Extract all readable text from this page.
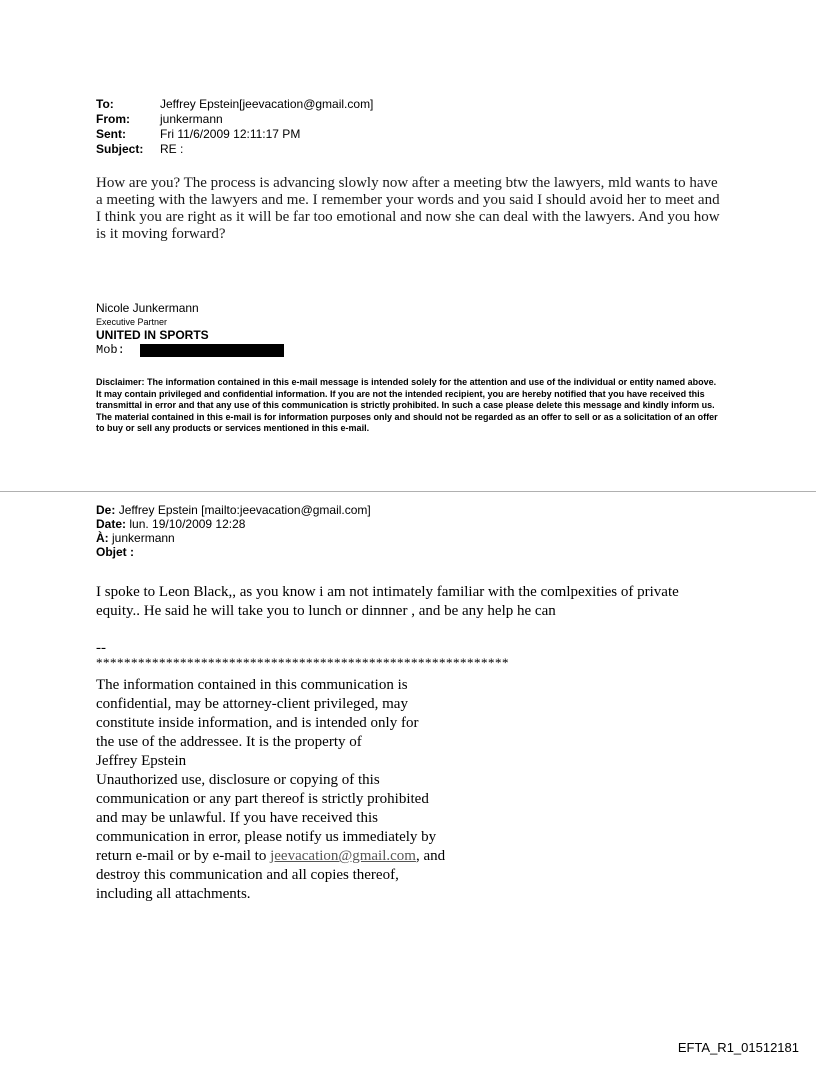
To:	Jeffrey Epstein[jeevacation@gmail.com]
From:	junkermann
Sent:	Fri 11/6/2009 12:11:17 PM
Subject:	RE :
How are you? The process is advancing slowly now after a meeting btw the lawyers, mld wants to have a meeting with the lawyers and me. I remember your words and you said I should avoid her to meet and I think you are right as it will be far too emotional and now she can deal with the lawyers. And you how is it moving forward?
Nicole Junkermann
Executive Partner
UNITED IN SPORTS
Mob:
Disclaimer: The information contained in this e-mail message is intended solely for the attention and use of the individual or entity named above. It may contain privileged and confidential information. If you are not the intended recipient, you are hereby notified that you have received this transmittal in error and that any use of this communication is strictly prohibited. In such a case please delete this message and kindly inform us. The material contained in this e-mail is for information purposes only and should not be regarded as an offer to sell or as a solicitation of an offer to buy or sell any products or services mentioned in this e-mail.
De: Jeffrey Epstein [mailto:jeevacation@gmail.com]
Date: lun. 19/10/2009 12:28
À: junkermann
Objet :
I spoke to Leon Black,, as you know i am not intimately familiar with the comlpexities of private equity.. He said he will take you to lunch or dinnner , and be any help he can
--
***********************************************************
The information contained in this communication is
confidential, may be attorney-client privileged, may
constitute inside information, and is intended only for
the use of the addressee. It is the property of
Jeffrey Epstein
Unauthorized use, disclosure or copying of this
communication or any part thereof is strictly prohibited
and may be unlawful. If you have received this
communication in error, please notify us immediately by
return e-mail or by e-mail to jeevacation@gmail.com, and
destroy this communication and all copies thereof,
including all attachments.
EFTA_R1_01512181
